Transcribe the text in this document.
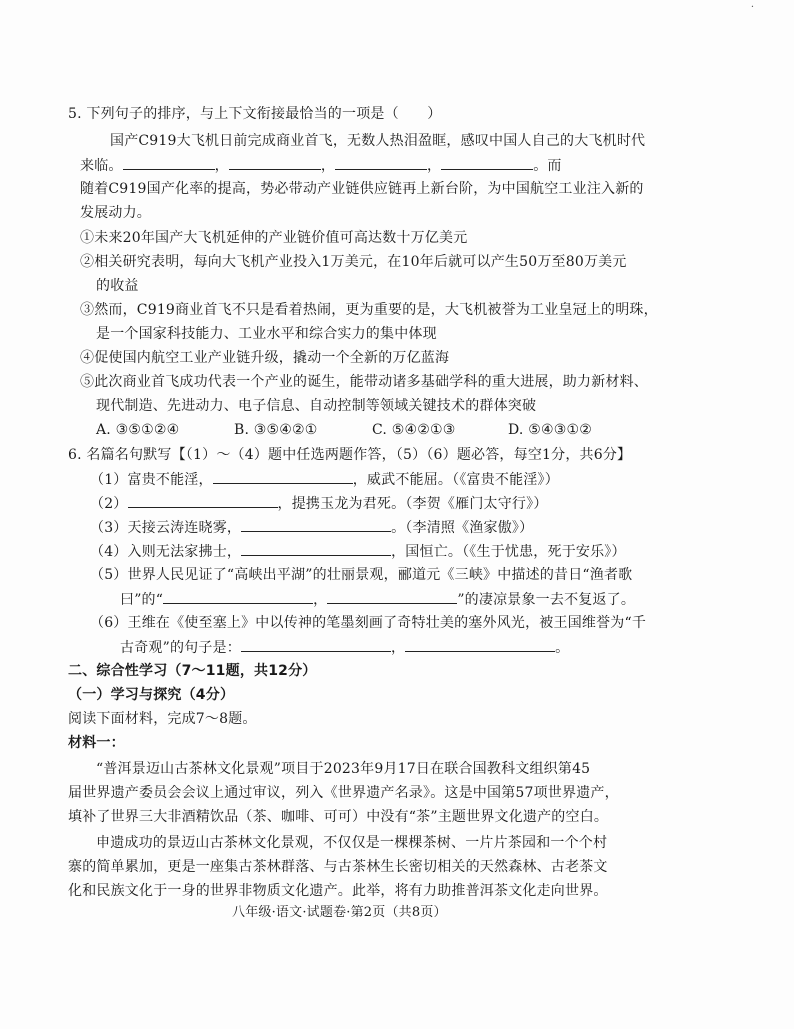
·
5. 下列句子的排序，与上下文衔接最恰当的一项是（　　）
国产C919大飞机日前完成商业首飞，无数人热泪盈眶，感叹中国人自己的大飞机时代
来临。	，	，	，	。而
随着C919国产化率的提高，势必带动产业链供应链再上新台阶，为中国航空工业注入新的
发展动力。
①未来20年国产大飞机延伸的产业链价值可高达数十万亿美元
②相关研究表明，每向大飞机产业投入1万美元，在10年后就可以产生50万至80万美元
的收益
③然而，C919商业首飞不只是看着热闹，更为重要的是，大飞机被誉为工业皇冠上的明珠，
是一个国家科技能力、工业水平和综合实力的集中体现
④促使国内航空工业产业链升级，撬动一个全新的万亿蓝海
⑤此次商业首飞成功代表一个产业的诞生，能带动诸多基础学科的重大进展，助力新材料、
现代制造、先进动力、电子信息、自动控制等领域关键技术的群体突破
A. ③⑤①②④	B. ③⑤④②①	C. ⑤④②①③	D. ⑤④③①②
6. 名篇名句默写【（1）～（4）题中任选两题作答，（5）（6）题必答，每空1分，共6分】
（1）富贵不能淫，	，威武不能屈。（《富贵不能淫》）
（2）	，提携玉龙为君死。（李贺《雁门太守行》）
（3）天接云涛连晓雾，	。（李清照《渔家傲》）
（4）入则无法家拂士，	，国恒亡。（《生于忧患，死于安乐》）
（5）世界人民见证了“高峡出平湖”的壮丽景观，郦道元《三峡》中描述的昔日“渔者歌
曰”的“	，	”的凄凉景象一去不复返了。
（6）王维在《使至塞上》中以传神的笔墨刻画了奇特壮美的塞外风光，被王国维誉为“千
古奇观”的句子是：	，	。
二、综合性学习（7～11题，共12分）
（一）学习与探究（4分）
阅读下面材料，完成7～8题。
材料一：
“普洱景迈山古茶林文化景观”项目于2023年9月17日在联合国教科文组织第45
届世界遗产委员会会议上通过审议，列入《世界遗产名录》。这是中国第57项世界遗产，
填补了世界三大非酒精饮品（茶、咖啡、可可）中没有“茶”主题世界文化遗产的空白。
申遗成功的景迈山古茶林文化景观，不仅仅是一棵棵茶树、一片片茶园和一个个村
寨的简单累加，更是一座集古茶林群落、与古茶林生长密切相关的天然森林、古老茶文
化和民族文化于一身的世界非物质文化遗产。此举，将有力助推普洱茶文化走向世界。
八年级·语文·试题卷·第2页（共8页）
